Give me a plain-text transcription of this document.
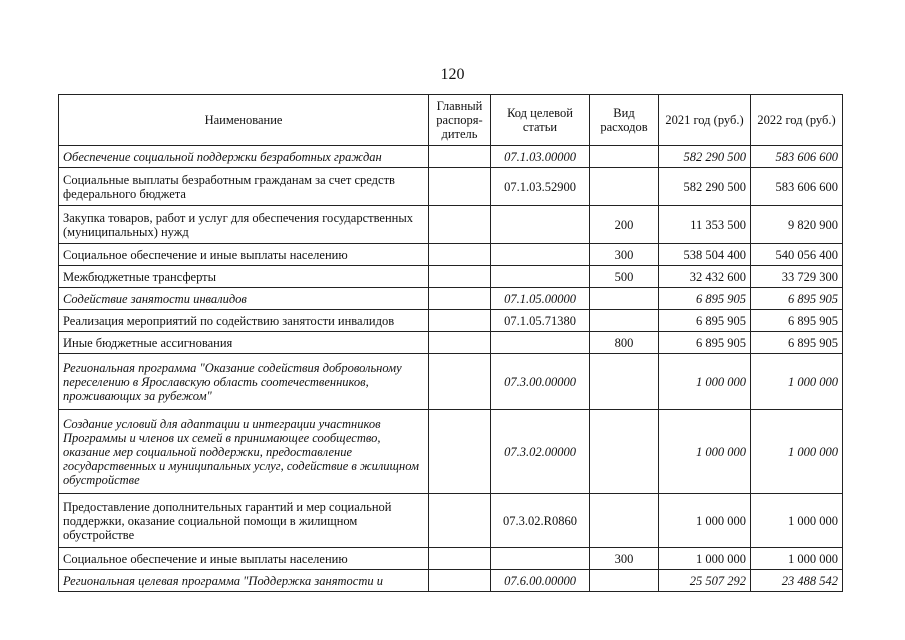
120
Наименование	Главный распоря-дитель	Код целевой статьи	Вид расходов	2021 год (руб.)	2022 год (руб.)
Обеспечение социальной поддержки безработных граждан		07.1.03.00000		582 290 500	583 606 600
Социальные выплаты безработным гражданам за счет средств федерального бюджета		07.1.03.52900		582 290 500	583 606 600
Закупка товаров, работ и услуг для обеспечения государственных (муниципальных) нужд			200	11 353 500	9 820 900
Социальное обеспечение и иные выплаты населению			300	538 504 400	540 056 400
Межбюджетные трансферты			500	32 432 600	33 729 300
Содействие занятости инвалидов		07.1.05.00000		6 895 905	6 895 905
Реализация мероприятий по содействию занятости инвалидов		07.1.05.71380		6 895 905	6 895 905
Иные бюджетные ассигнования			800	6 895 905	6 895 905
Региональная программа "Оказание содействия добровольному переселению в Ярославскую область соотечественников, проживающих за рубежом"		07.3.00.00000		1 000 000	1 000 000
Создание условий для адаптации и интеграции участников Программы и членов их семей в принимающее сообщество, оказание мер социальной поддержки, предоставление государственных и муниципальных услуг, содействие в жилищном обустройстве		07.3.02.00000		1 000 000	1 000 000
Предоставление дополнительных гарантий и мер социальной поддержки, оказание социальной помощи в жилищном обустройстве		07.3.02.R0860		1 000 000	1 000 000
Социальное обеспечение и иные выплаты населению			300	1 000 000	1 000 000
Региональная целевая программа "Поддержка занятости и		07.6.00.00000		25 507 292	23 488 542
